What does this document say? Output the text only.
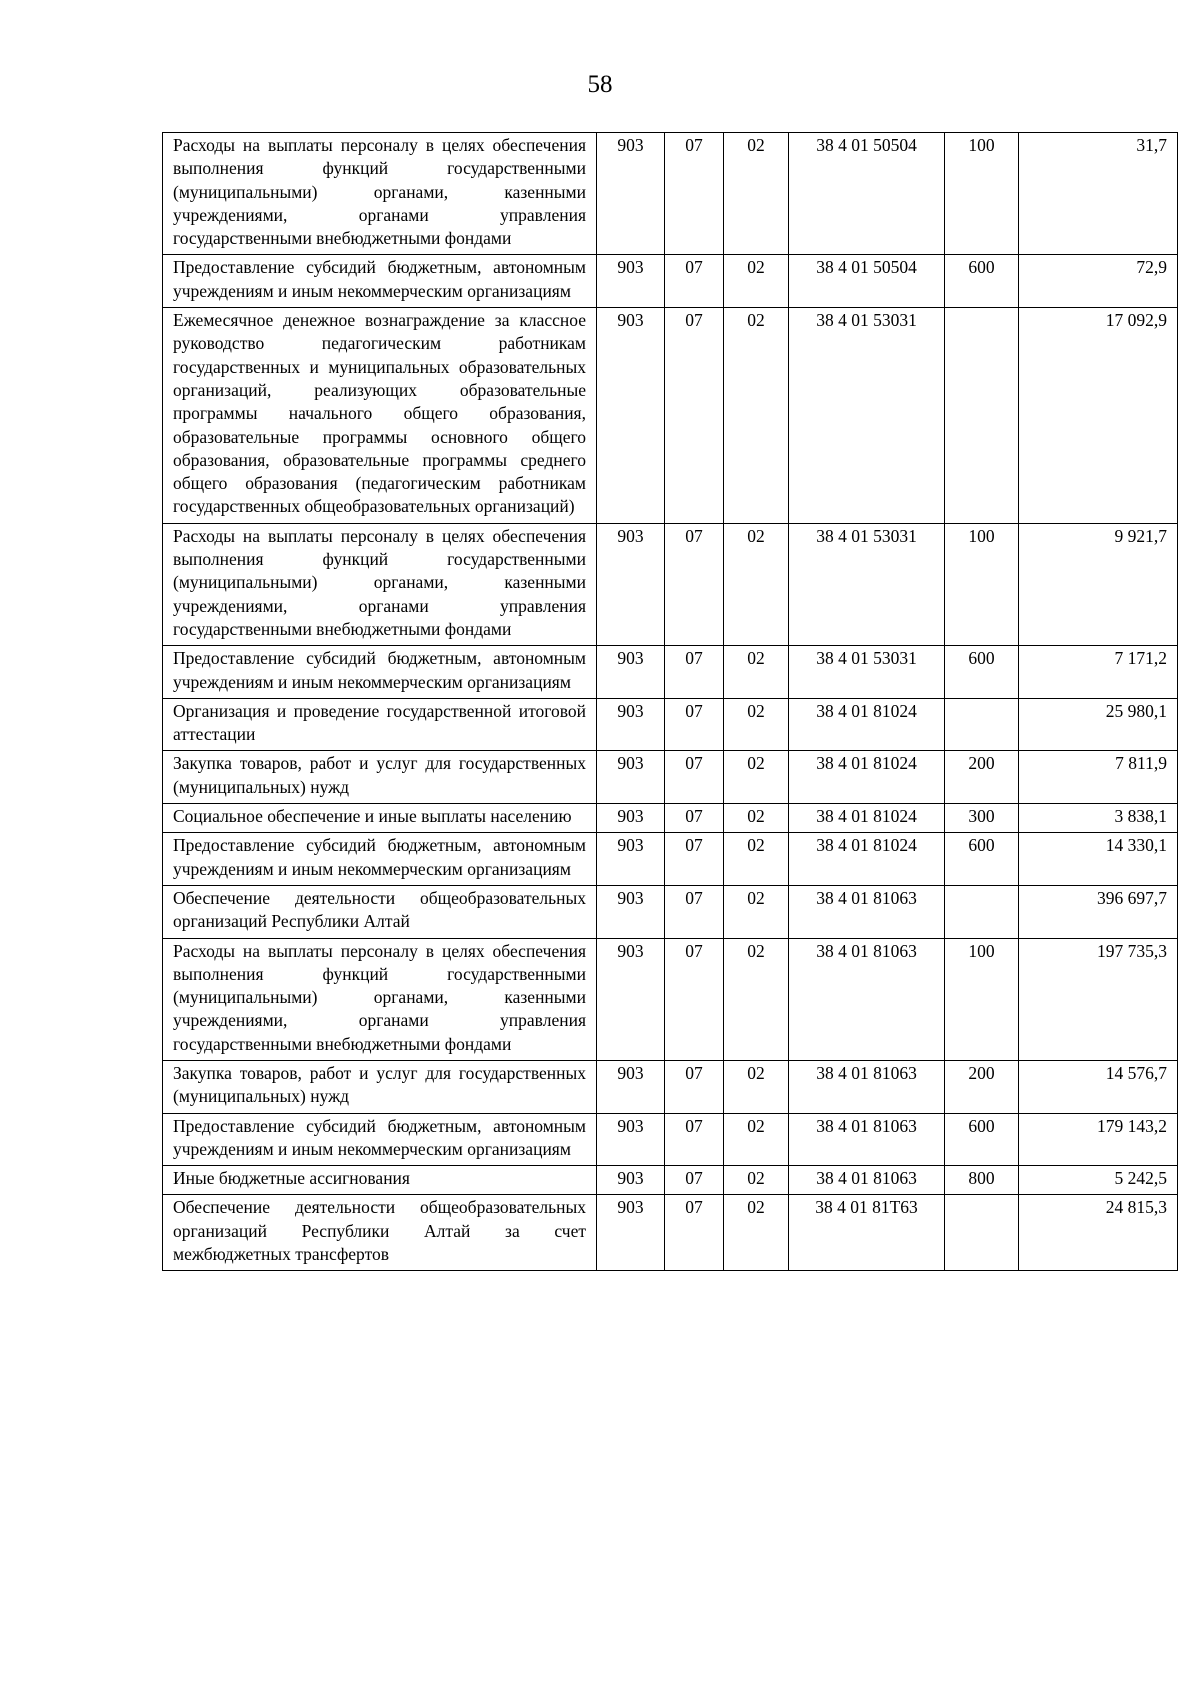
58
Расходы на выплаты персоналу в целях обеспечения выполнения функций государственными (муниципальными) органами, казенными учреждениями, органами управления государственными внебюджетными фондами	903	07	02	38 4 01 50504	100	31,7
Предоставление субсидий бюджетным, автономным учреждениям и иным некоммерческим организациям	903	07	02	38 4 01 50504	600	72,9
Ежемесячное денежное вознаграждение за классное руководство педагогическим работникам государственных и муниципальных образовательных организаций, реализующих образовательные программы начального общего образования, образовательные программы основного общего образования, образовательные программы среднего общего образования (педагогическим работникам государственных общеобразовательных организаций)	903	07	02	38 4 01 53031		17 092,9
Расходы на выплаты персоналу в целях обеспечения выполнения функций государственными (муниципальными) органами, казенными учреждениями, органами управления государственными внебюджетными фондами	903	07	02	38 4 01 53031	100	9 921,7
Предоставление субсидий бюджетным, автономным учреждениям и иным некоммерческим организациям	903	07	02	38 4 01 53031	600	7 171,2
Организация и проведение государственной итоговой аттестации	903	07	02	38 4 01 81024		25 980,1
Закупка товаров, работ и услуг для государственных (муниципальных) нужд	903	07	02	38 4 01 81024	200	7 811,9
Социальное обеспечение и иные выплаты населению	903	07	02	38 4 01 81024	300	3 838,1
Предоставление субсидий бюджетным, автономным учреждениям и иным некоммерческим организациям	903	07	02	38 4 01 81024	600	14 330,1
Обеспечение деятельности общеобразовательных организаций Республики Алтай	903	07	02	38 4 01 81063		396 697,7
Расходы на выплаты персоналу в целях обеспечения выполнения функций государственными (муниципальными) органами, казенными учреждениями, органами управления государственными внебюджетными фондами	903	07	02	38 4 01 81063	100	197 735,3
Закупка товаров, работ и услуг для государственных (муниципальных) нужд	903	07	02	38 4 01 81063	200	14 576,7
Предоставление субсидий бюджетным, автономным учреждениям и иным некоммерческим организациям	903	07	02	38 4 01 81063	600	179 143,2
Иные бюджетные ассигнования	903	07	02	38 4 01 81063	800	5 242,5
Обеспечение деятельности общеобразовательных организаций Республики Алтай за счет межбюджетных трансфертов	903	07	02	38 4 01 81Т63		24 815,3
